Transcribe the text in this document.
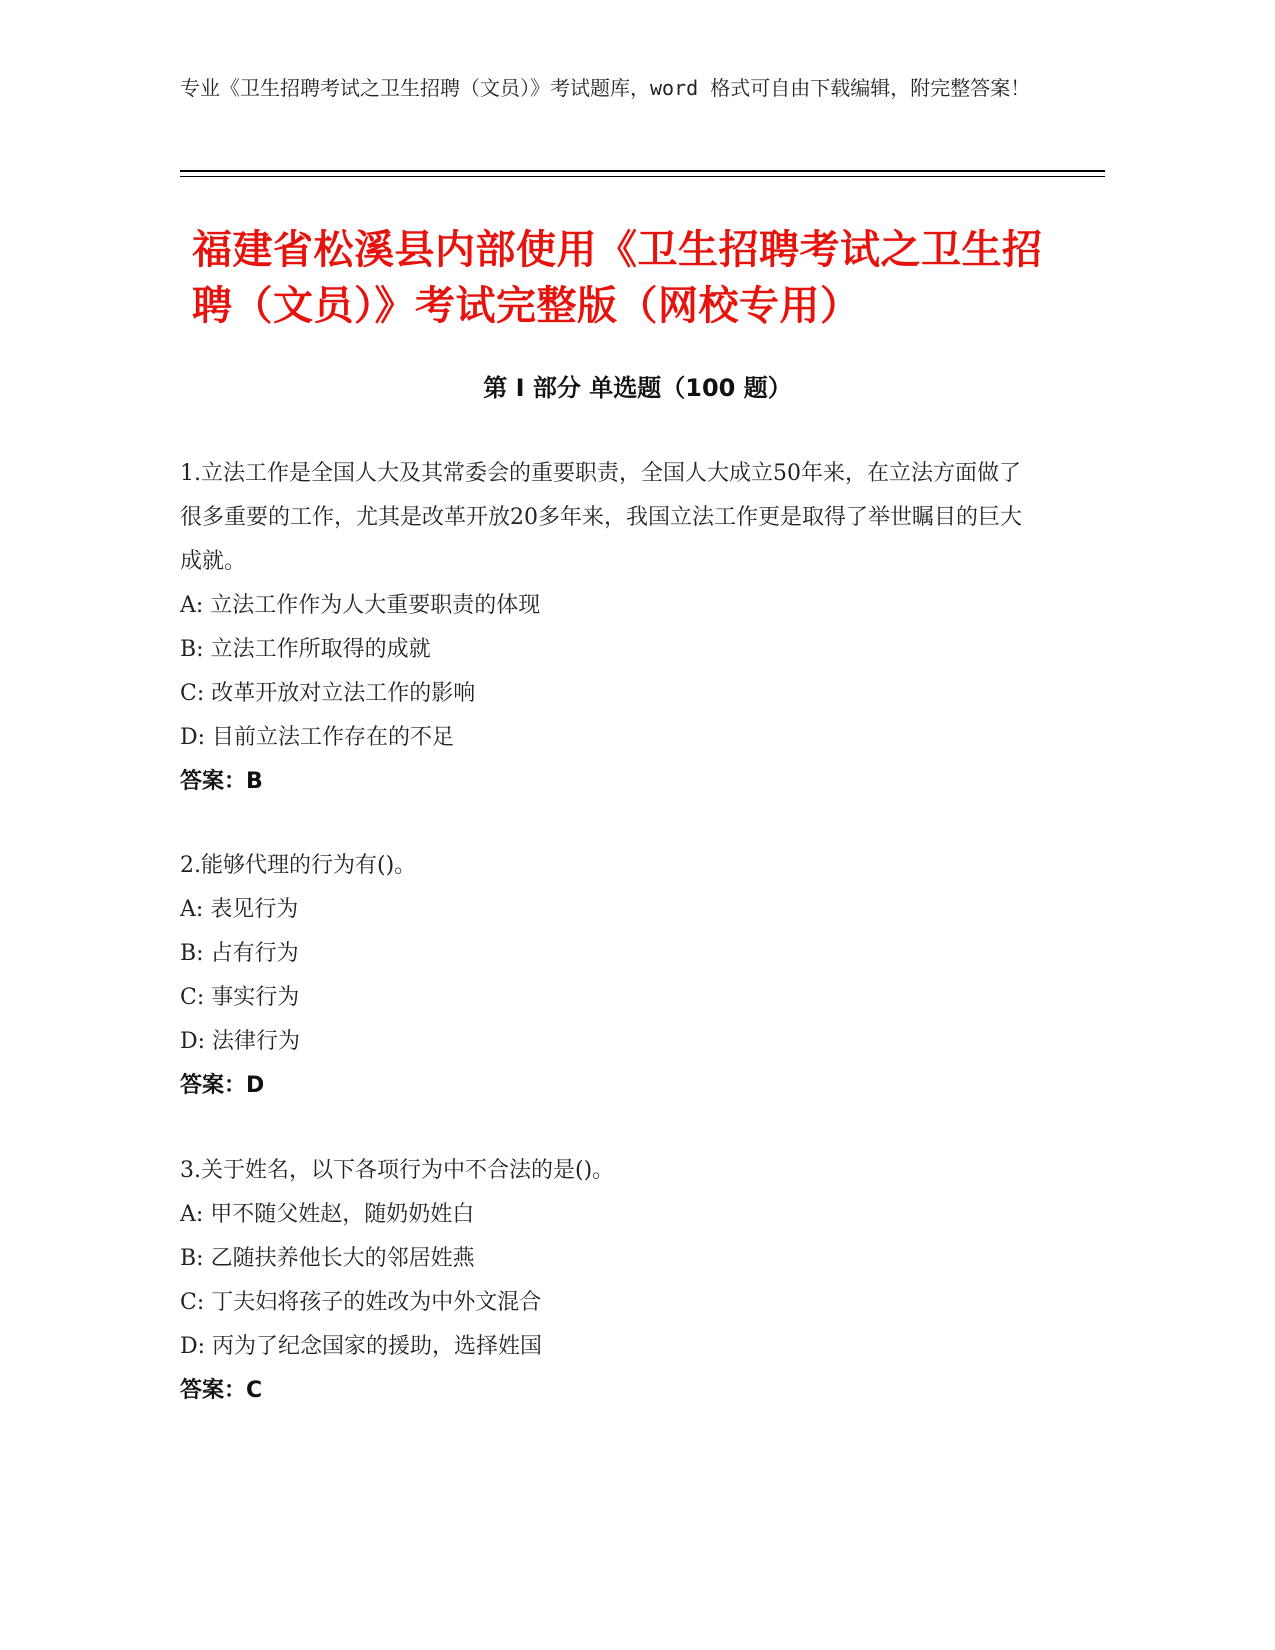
专业《卫生招聘考试之卫生招聘（文员）》考试题库，word 格式可自由下载编辑，附完整答案！
福建省松溪县内部使用《卫生招聘考试之卫生招聘（文员）》考试完整版（网校专用）
第 I 部分 单选题（100 题）

1.立法工作是全国人大及其常委会的重要职责，全国人大成立50年来，在立法方面做了很多重要的工作，尤其是改革开放20多年来，我国立法工作更是取得了举世瞩目的巨大成就。

A: 立法工作作为人大重要职责的体现

B: 立法工作所取得的成就

C: 改革开放对立法工作的影响

D: 目前立法工作存在的不足

答案：B

2.能够代理的行为有()。

A: 表见行为

B: 占有行为

C: 事实行为

D: 法律行为

答案：D

3.关于姓名，以下各项行为中不合法的是()。

A: 甲不随父姓赵，随奶奶姓白

B: 乙随扶养他长大的邻居姓燕

C: 丁夫妇将孩子的姓改为中外文混合

D: 丙为了纪念国家的援助，选择姓国

答案：C
